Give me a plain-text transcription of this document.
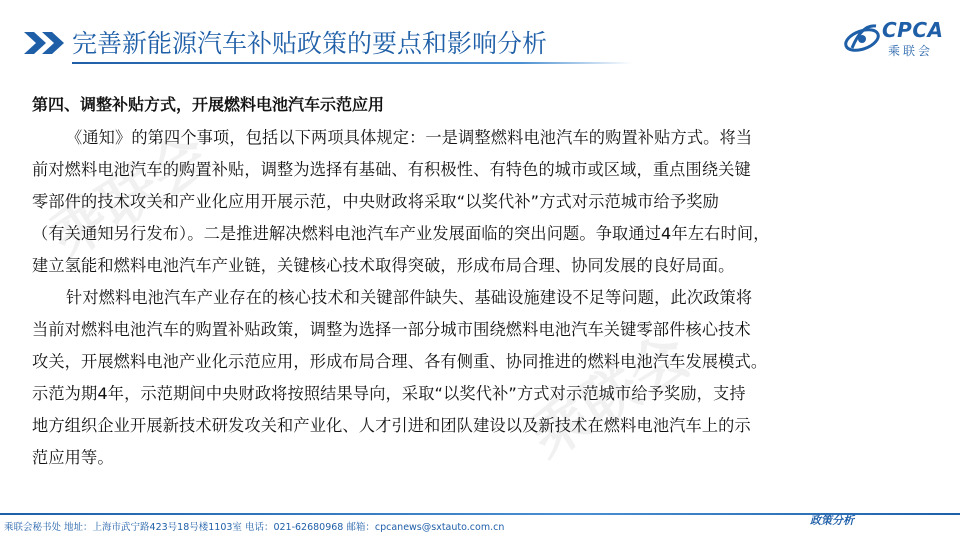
完善新能源汽车补贴政策的要点和影响分析	CPCA
乘联会
乘联会
乘联会
第四、调整补贴方式，开展燃料电池汽车示范应用

《通知》的第四个事项，包括以下两项具体规定：一是调整燃料电池汽车的购置补贴方式。将当

前对燃料电池汽车的购置补贴，调整为选择有基础、有积极性、有特色的城市或区域，重点围绕关键

零部件的技术攻关和产业化应用开展示范，中央财政将采取“以奖代补”方式对示范城市给予奖励

（有关通知另行发布）。二是推进解决燃料电池汽车产业发展面临的突出问题。争取通过4年左右时间，

建立氢能和燃料电池汽车产业链，关键核心技术取得突破，形成布局合理、协同发展的良好局面。

针对燃料电池汽车产业存在的核心技术和关键部件缺失、基础设施建设不足等问题，此次政策将

当前对燃料电池汽车的购置补贴政策，调整为选择一部分城市围绕燃料电池汽车关键零部件核心技术

攻关，开展燃料电池产业化示范应用，形成布局合理、各有侧重、协同推进的燃料电池汽车发展模式。

示范为期4年，示范期间中央财政将按照结果导向，采取“以奖代补”方式对示范城市给予奖励，支持

地方组织企业开展新技术研发攻关和产业化、人才引进和团队建设以及新技术在燃料电池汽车上的示

范应用等。

乘联会秘书处 地址：上海市武宁路423号18号楼1103室 电话：021-62680968 邮箱：cpcanews@sxtauto.com.cn
政策分析
